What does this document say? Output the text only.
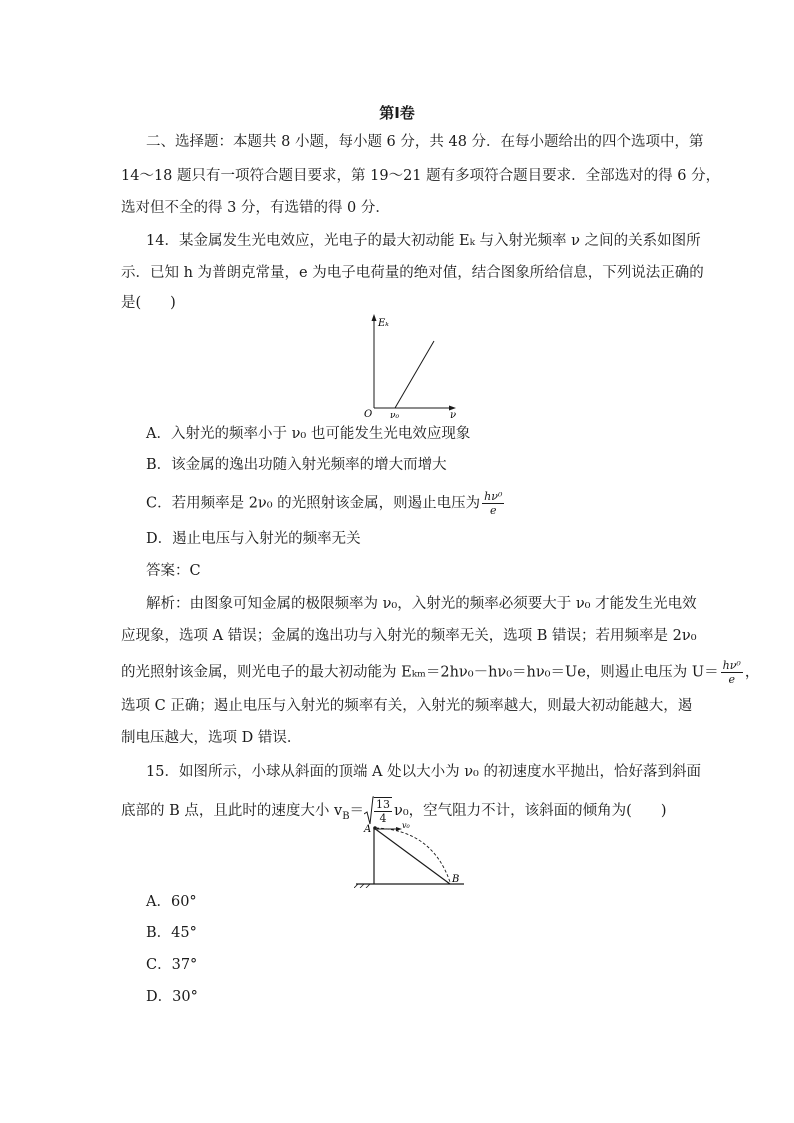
第Ⅰ卷
二、选择题：本题共 8 小题，每小题 6 分，共 48 分．在每小题给出的四个选项中，第
14～18 题只有一项符合题目要求，第 19～21 题有多项符合题目要求．全部选对的得 6 分，
选对但不全的得 3 分，有选错的得 0 分．
14．某金属发生光电效应，光电子的最大初动能 Eₖ 与入射光频率 ν 之间的关系如图所
示．已知 h 为普朗克常量，e 为电子电荷量的绝对值，结合图象所给信息，下列说法正确的
是(　　)
Eₖ
O ν₀	ν
A．入射光的频率小于 ν₀ 也可能发生光电效应现象
B．该金属的逸出功随入射光频率的增大而增大
C．若用频率是 2ν₀ 的光照射该金属，则遏止电压为 $\frac{\text{hν⁰}}{e}$
D．遏止电压与入射光的频率无关
答案：C
解析：由图象可知金属的极限频率为 ν₀，入射光的频率必须要大于 ν₀ 才能发生光电效
应现象，选项 A 错误；金属的逸出功与入射光的频率无关，选项 B 错误；若用频率是 2ν₀
的光照射该金属，则光电子的最大初动能为 Eₖₘ＝2hν₀－hν₀＝hν₀＝Ue，则遏止电压为 $U= \frac{\text{hν⁰}}{e}$ ，
选项 C 正确；遏止电压与入射光的频率有关，入射光的频率越大，则最大初动能越大，遏
制电压越大，选项 D 错误．
15．如图所示，小球从斜面的顶端 A 处以大小为 ν₀ 的初速度水平抛出，恰好落到斜面
底部的 B 点，且此时的速度大小 $v_B= \frac{13}{4} \nu_0$，空气阻力不计，该斜面的倾角为(　　)
A	v₀
B
A．60°
B．45°
C．37°
D．30°
